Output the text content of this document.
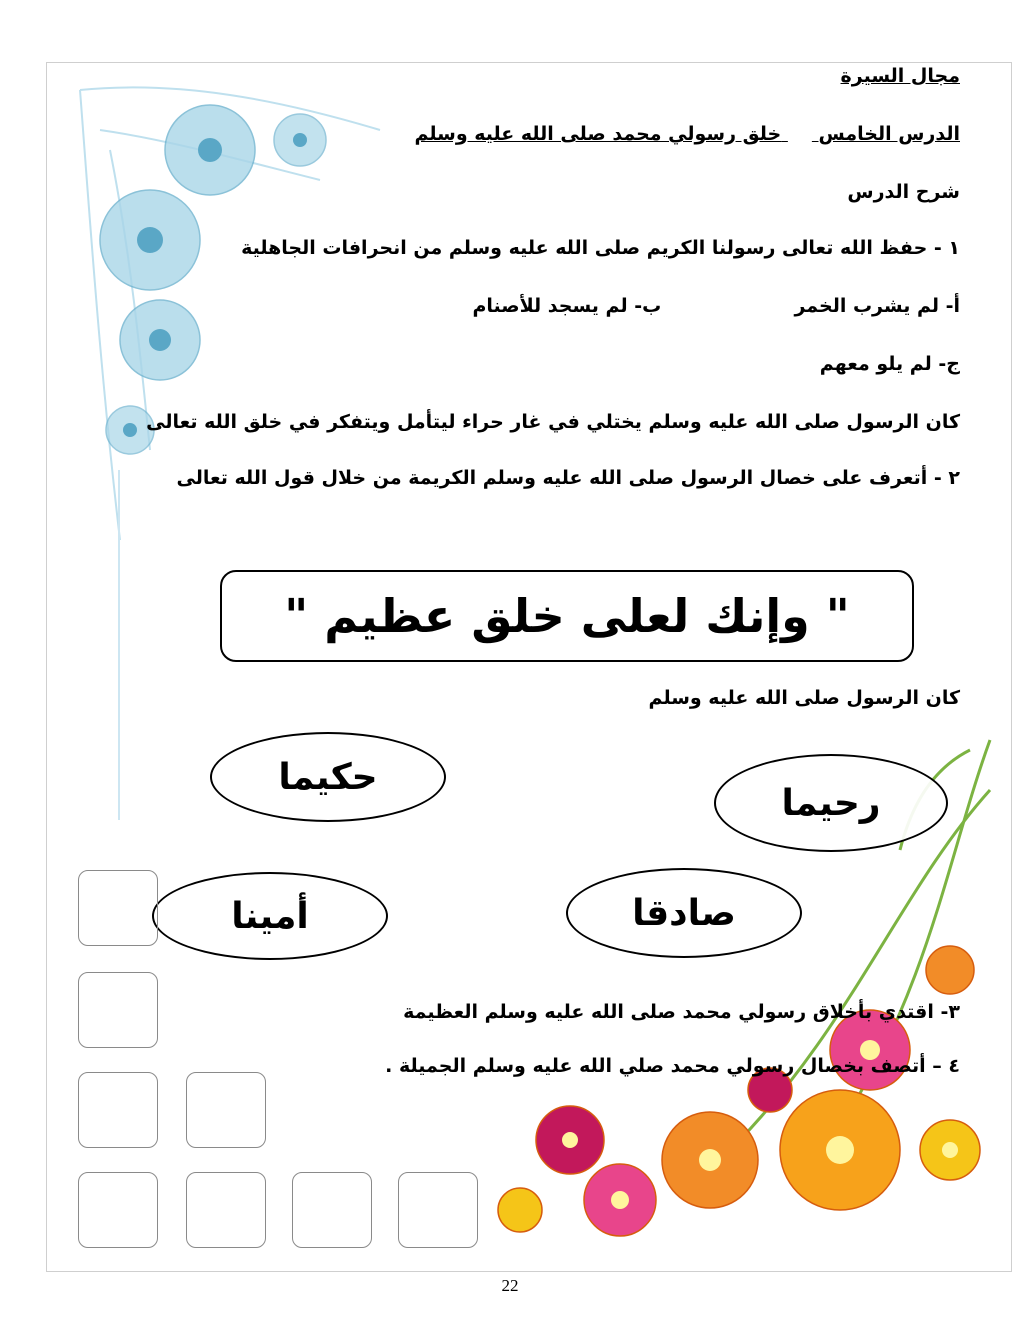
مجال السيرة
الدرس الخامس  خلق رسولي محمد صلى الله عليه وسلم
شرح الدرس
١ - حفظ الله تعالى رسولنا الكريم صلى الله عليه وسلم من انحرافات الجاهلية
أ- لم يشرب الخمر  ب- لم يسجد للأصنام
ج- لم يلو معهم
كان الرسول صلى الله عليه وسلم يختلي في غار حراء ليتأمل ويتفكر في خلق الله تعالى
٢ - أتعرف على خصال الرسول صلى الله عليه وسلم الكريمة من خلال قول الله تعالى
" وإنك لعلى خلق عظيم "
كان الرسول صلى الله عليه وسلم
حكيما
رحيما
أمينا	صادقا
٣- اقتدي بأخلاق رسولي محمد صلى الله عليه وسلم العظيمة
٤ – أتصف بخصال رسولي محمد صلي الله عليه وسلم الجميلة .
22
